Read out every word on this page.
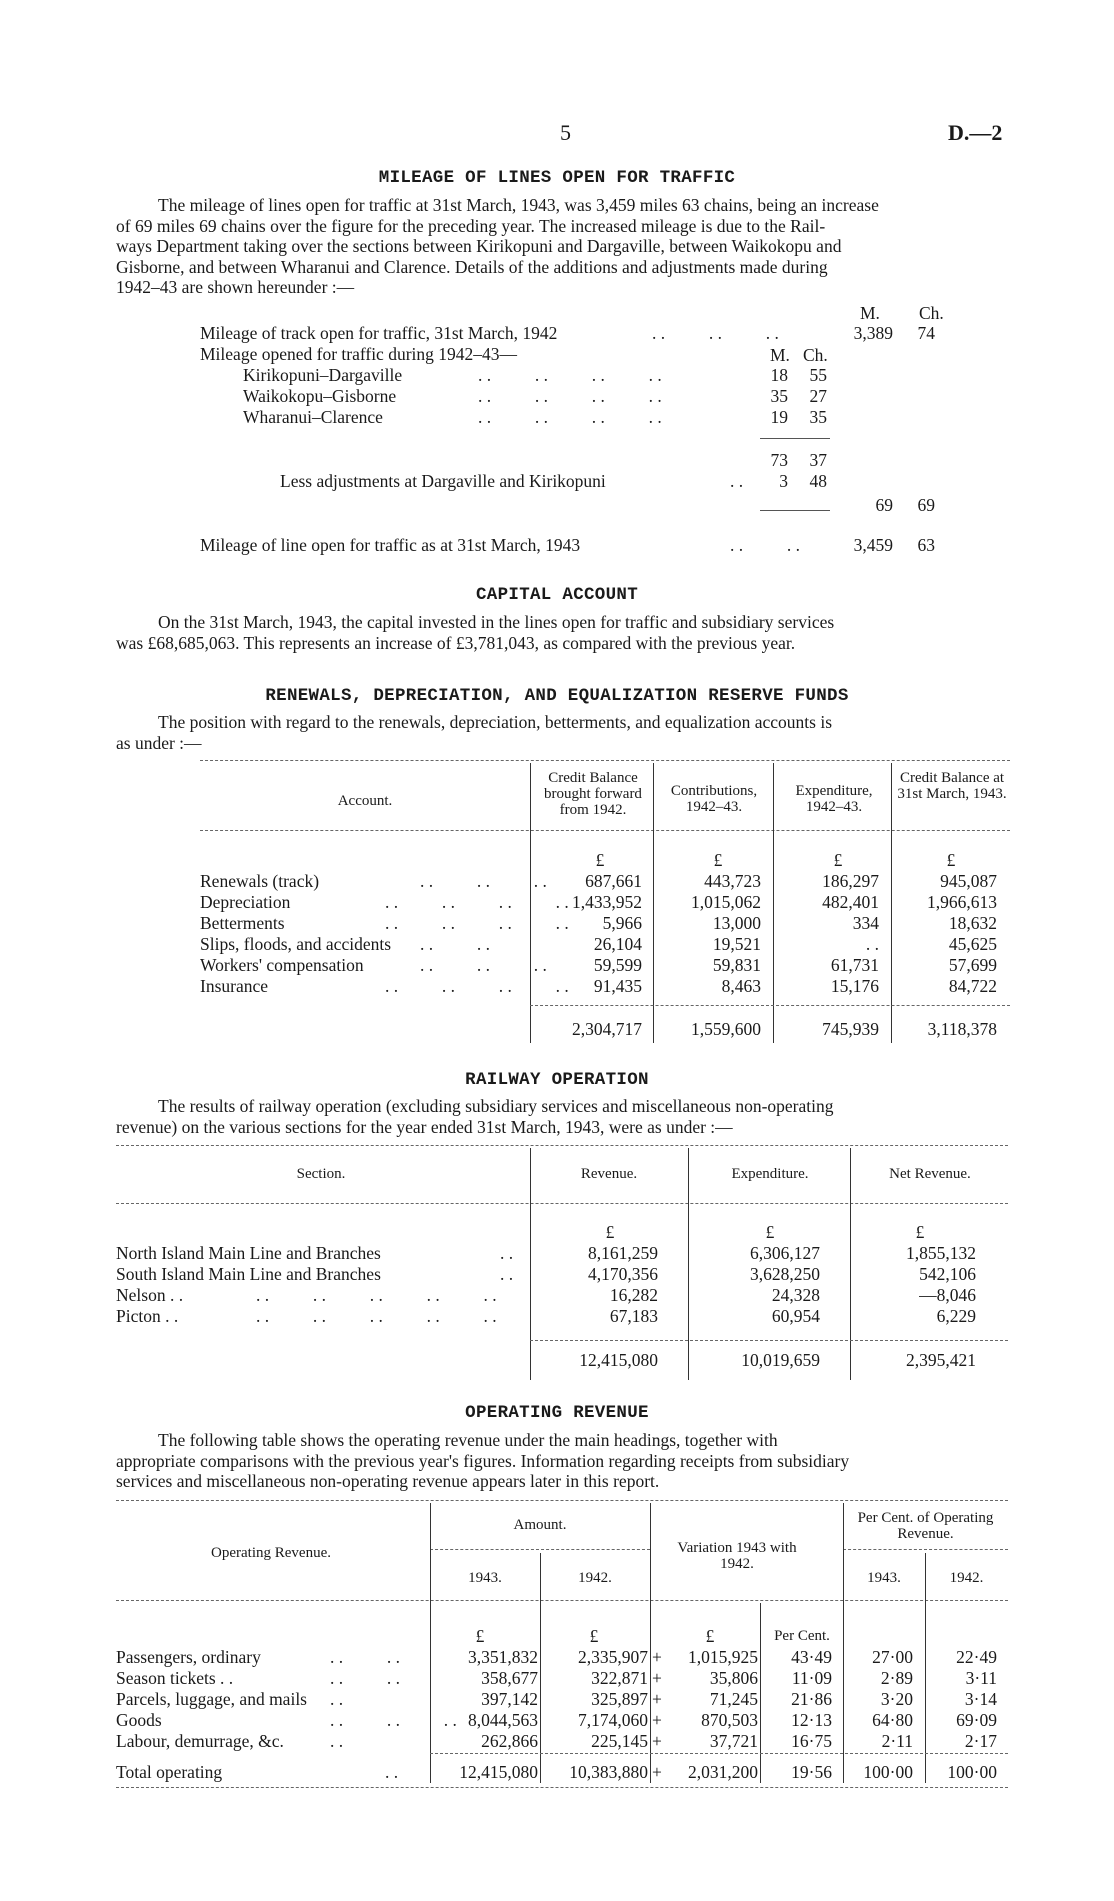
5	D.—2
MILEAGE OF LINES OPEN FOR TRAFFIC
The mileage of lines open for traffic at 31st March, 1943, was 3,459 miles 63 chains, being an increase
of 69 miles 69 chains over the figure for the preceding year. The increased mileage is due to the Rail-
ways Department taking over the sections between Kirikopuni and Dargaville, between Waikokopu and
Gisborne, and between Wharanui and Clarence. Details of the additions and adjustments made during
1942–43 are shown hereunder :—
M. Ch.
Mileage of track open for traffic, 31st March, 1942	. .          . .          . .	3,389	74
Mileage opened for traffic during 1942–43—	M. Ch.
Kirikopuni–Dargaville	. .          . .          . .          . .	18	55
Waikokopu–Gisborne	. .          . .          . .          . .	35	27
Wharanui–Clarence	. .          . .          . .          . .	19	35
73	37
Less adjustments at Dargaville and Kirikopuni	. .	3	48
69	69
Mileage of line open for traffic as at 31st March, 1943	. .          . .	3,459	63
CAPITAL ACCOUNT
On the 31st March, 1943, the capital invested in the lines open for traffic and subsidiary services
was £68,685,063. This represents an increase of £3,781,043, as compared with the previous year.
RENEWALS, DEPRECIATION, AND EQUALIZATION RESERVE FUNDS
The position with regard to the renewals, depreciation, betterments, and equalization accounts is
as under :—
Account.
Credit Balance brought forward from 1942.
Contributions, 1942–43.
Expenditure, 1942–43.
Credit Balance at 31st March, 1943.
£	£	£	£
Renewals (track)	. .          . .          . .	687,661	443,723	186,297	945,087
Depreciation	. .          . .          . .          . . 1,433,952	1,015,062	482,401	1,966,613
Betterments	. .          . .          . .          . .	5,966	13,000	334	18,632
Slips, floods, and accidents . .          . .	26,104	19,521	. .	45,625
Workers' compensation	. .          . .          . .	59,599	59,831	61,731	57,699
Insurance	. .          . .          . .          . .	91,435	8,463	15,176	84,722
2,304,717	1,559,600	745,939	3,118,378
RAILWAY OPERATION
The results of railway operation (excluding subsidiary services and miscellaneous non-operating
revenue) on the various sections for the year ended 31st March, 1943, were as under :—
Section.	Revenue.	Expenditure.	Net Revenue.
£	£	£
North Island Main Line and Branches	. .	8,161,259	6,306,127	1,855,132
South Island Main Line and Branches	. .	4,170,356	3,628,250	542,106
Nelson . .	. .          . .          . .          . .          . .	16,282	24,328	—8,046
Picton . .	. .          . .          . .          . .          . .	67,183	60,954	6,229
12,415,080	10,019,659	2,395,421
OPERATING REVENUE
The following table shows the operating revenue under the main headings, together with
appropriate comparisons with the previous year's figures. Information regarding receipts from subsidiary
services and miscellaneous non-operating revenue appears later in this report.
Operating Revenue.
Amount.
1943.	1942.
Variation 1943 with 1942.
Per Cent. of Operating Revenue.
1943.	1942.
£	£	£	Per Cent.
Passengers, ordinary	. .          . .	3,351,832	2,335,907 +	1,015,925	43·49	27·00	22·49
Season tickets . .	. .          . .	358,677	322,871 +	35,806	11·09	2·89	3·11
Parcels, luggage, and mails . .	397,142	325,897 +	71,245	21·86	3·20	3·14
Goods	. .          . .          . . 8,044,563	7,174,060 +	870,503	12·13	64·80	69·09
Labour, demurrage, &c.	. .	262,866	225,145 +	37,721	16·75	2·11	2·17
Total operating	. .	12,415,080	10,383,880 +	2,031,200	19·56	100·00	100·00
